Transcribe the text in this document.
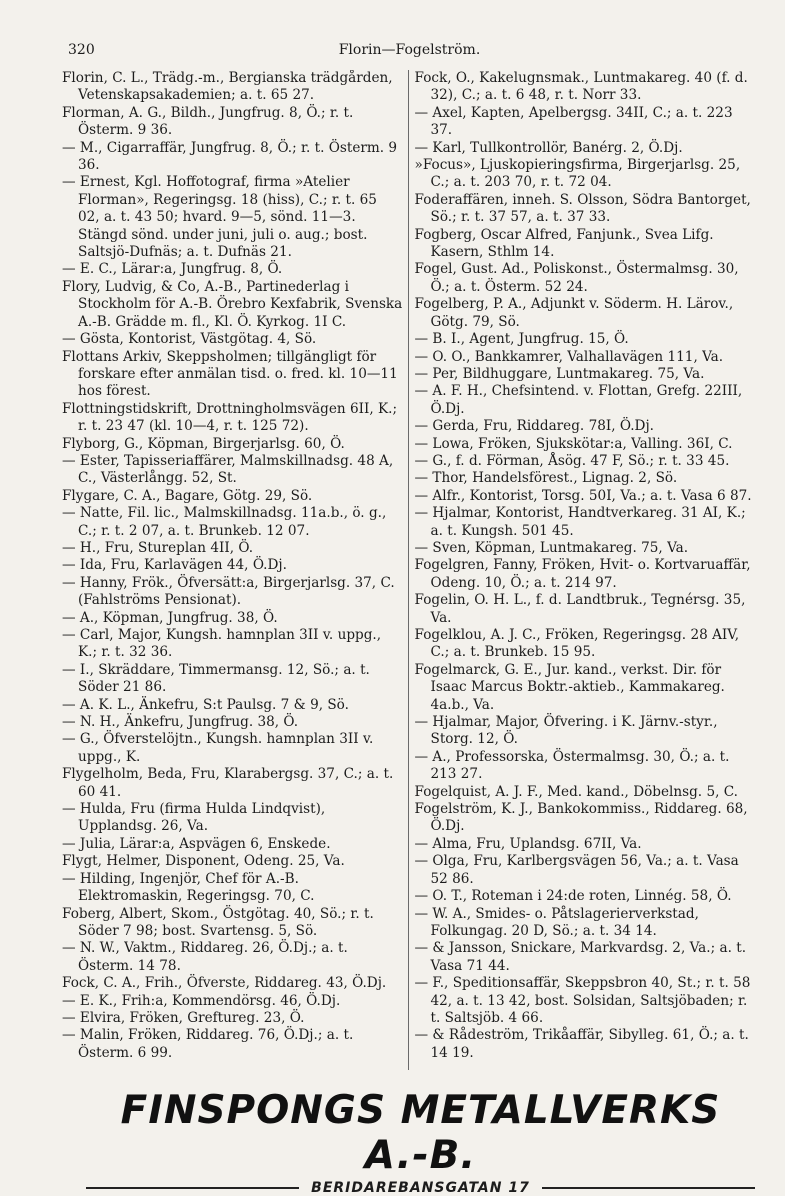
320	Florin—Fogelström.

Florin, C. L., Trädg.-m., Bergianska trädgården, Vetenskapsakademien; a. t. 65 27.

Florman, A. G., Bildh., Jungfrug. 8, Ö.; r. t. Österm. 9 36.

— M., Cigarraffär, Jungfrug. 8, Ö.; r. t. Österm. 9 36.

— Ernest, Kgl. Hoffotograf, firma »Atelier Florman», Regeringsg. 18 (hiss), C.; r. t. 65 02, a. t. 43 50; hvard. 9—5, sönd. 11—3. Stängd sönd. under juni, juli o. aug.; bost. Saltsjö-Dufnäs; a. t. Dufnäs 21.

— E. C., Lärar:a, Jungfrug. 8, Ö.

Flory, Ludvig, & Co, A.-B., Partinederlag i Stockholm för A.-B. Örebro Kexfabrik, Svenska A.-B. Grädde m. fl., Kl. Ö. Kyrkog. 1I C.

— Gösta, Kontorist, Västgötag. 4, Sö.

Flottans Arkiv, Skeppsholmen; tillgängligt för forskare efter anmälan tisd. o. fred. kl. 10—11 hos förest.

Flottningstidskrift, Drottningholmsvägen 6II, K.; r. t. 23 47 (kl. 10—4, r. t. 125 72).

Flyborg, G., Köpman, Birgerjarlsg. 60, Ö.

— Ester, Tapisseriaffärer, Malmskillnadsg. 48 A, C., Västerlångg. 52, St.

Flygare, C. A., Bagare, Götg. 29, Sö.

— Natte, Fil. lic., Malmskillnadsg. 11a.b., ö. g., C.; r. t. 2 07, a. t. Brunkeb. 12 07.

— H., Fru, Stureplan 4II, Ö.

— Ida, Fru, Karlavägen 44, Ö.Dj.

— Hanny, Frök., Öfversätt:a, Birgerjarlsg. 37, C. (Fahlströms Pensionat).

— A., Köpman, Jungfrug. 38, Ö.

— Carl, Major, Kungsh. hamnplan 3II v. uppg., K.; r. t. 32 36.

— I., Skräddare, Timmermansg. 12, Sö.; a. t. Söder 21 86.

— A. K. L., Änkefru, S:t Paulsg. 7 & 9, Sö.

— N. H., Änkefru, Jungfrug. 38, Ö.

— G., Öfverstelöjtn., Kungsh. hamnplan 3II v. uppg., K.

Flygelholm, Beda, Fru, Klarabergsg. 37, C.; a. t. 60 41.

— Hulda, Fru (firma Hulda Lindqvist), Upplandsg. 26, Va.

— Julia, Lärar:a, Aspvägen 6, Enskede.

Flygt, Helmer, Disponent, Odeng. 25, Va.

— Hilding, Ingenjör, Chef för A.-B. Elektromaskin, Regeringsg. 70, C.

Foberg, Albert, Skom., Östgötag. 40, Sö.; r. t. Söder 7 98; bost. Svartensg. 5, Sö.

— N. W., Vaktm., Riddareg. 26, Ö.Dj.; a. t. Österm. 14 78.

Fock, C. A., Frih., Öfverste, Riddareg. 43, Ö.Dj.

— E. K., Frih:a, Kommendörsg. 46, Ö.Dj.

— Elvira, Fröken, Greftureg. 23, Ö.

— Malin, Fröken, Riddareg. 76, Ö.Dj.; a. t. Österm. 6 99.

Fock, O., Kakelugnsmak., Luntmakareg. 40 (f. d. 32), C.; a. t. 6 48, r. t. Norr 33.

— Axel, Kapten, Apelbergsg. 34II, C.; a. t. 223 37.

— Karl, Tullkontrollör, Banérg. 2, Ö.Dj.

»Focus», Ljuskopieringsfirma, Birgerjarlsg. 25, C.; a. t. 203 70, r. t. 72 04.

Foderaffären, inneh. S. Olsson, Södra Bantorget, Sö.; r. t. 37 57, a. t. 37 33.

Fogberg, Oscar Alfred, Fanjunk., Svea Lifg. Kasern, Sthlm 14.

Fogel, Gust. Ad., Poliskonst., Östermalmsg. 30, Ö.; a. t. Österm. 52 24.

Fogelberg, P. A., Adjunkt v. Söderm. H. Lärov., Götg. 79, Sö.

— B. I., Agent, Jungfrug. 15, Ö.

— O. O., Bankkamrer, Valhallavägen 111, Va.

— Per, Bildhuggare, Luntmakareg. 75, Va.

— A. F. H., Chefsintend. v. Flottan, Grefg. 22III, Ö.Dj.

— Gerda, Fru, Riddareg. 78I, Ö.Dj.

— Lowa, Fröken, Sjukskötar:a, Valling. 36I, C.

— G., f. d. Förman, Åsög. 47 F, Sö.; r. t. 33 45.

— Thor, Handelsförest., Lignag. 2, Sö.

— Alfr., Kontorist, Torsg. 50I, Va.; a. t. Vasa 6 87.

— Hjalmar, Kontorist, Handtverkareg. 31 AI, K.; a. t. Kungsh. 501 45.

— Sven, Köpman, Luntmakareg. 75, Va.

Fogelgren, Fanny, Fröken, Hvit- o. Kortvaruaffär, Odeng. 10, Ö.; a. t. 214 97.

Fogelin, O. H. L., f. d. Landtbruk., Tegnérsg. 35, Va.

Fogelklou, A. J. C., Fröken, Regeringsg. 28 AIV, C.; a. t. Brunkeb. 15 95.

Fogelmarck, G. E., Jur. kand., verkst. Dir. för Isaac Marcus Boktr.-aktieb., Kammakareg. 4a.b., Va.

— Hjalmar, Major, Öfvering. i K. Järnv.-styr., Storg. 12, Ö.

— A., Professorska, Östermalmsg. 30, Ö.; a. t. 213 27.

Fogelquist, A. J. F., Med. kand., Döbelnsg. 5, C.

Fogelström, K. J., Bankokommiss., Riddareg. 68, Ö.Dj.

— Alma, Fru, Uplandsg. 67II, Va.

— Olga, Fru, Karlbergsvägen 56, Va.; a. t. Vasa 52 86.

— O. T., Roteman i 24:de roten, Linnég. 58, Ö.

— W. A., Smides- o. Påtslagerierverkstad, Folkungag. 20 D, Sö.; a. t. 34 14.

— & Jansson, Snickare, Markvardsg. 2, Va.; a. t. Vasa 71 44.

— F., Speditionsaffär, Skeppsbron 40, St.; r. t. 58 42, a. t. 13 42, bost. Solsidan, Saltsjöbaden; r. t. Saltsjöb. 4 66.

— & Rådeström, Trikåaffär, Sibylleg. 61, Ö.; a. t. 14 19.

FINSPONGS METALLVERKS A.-B.
BERIDAREBANSGATAN 17
